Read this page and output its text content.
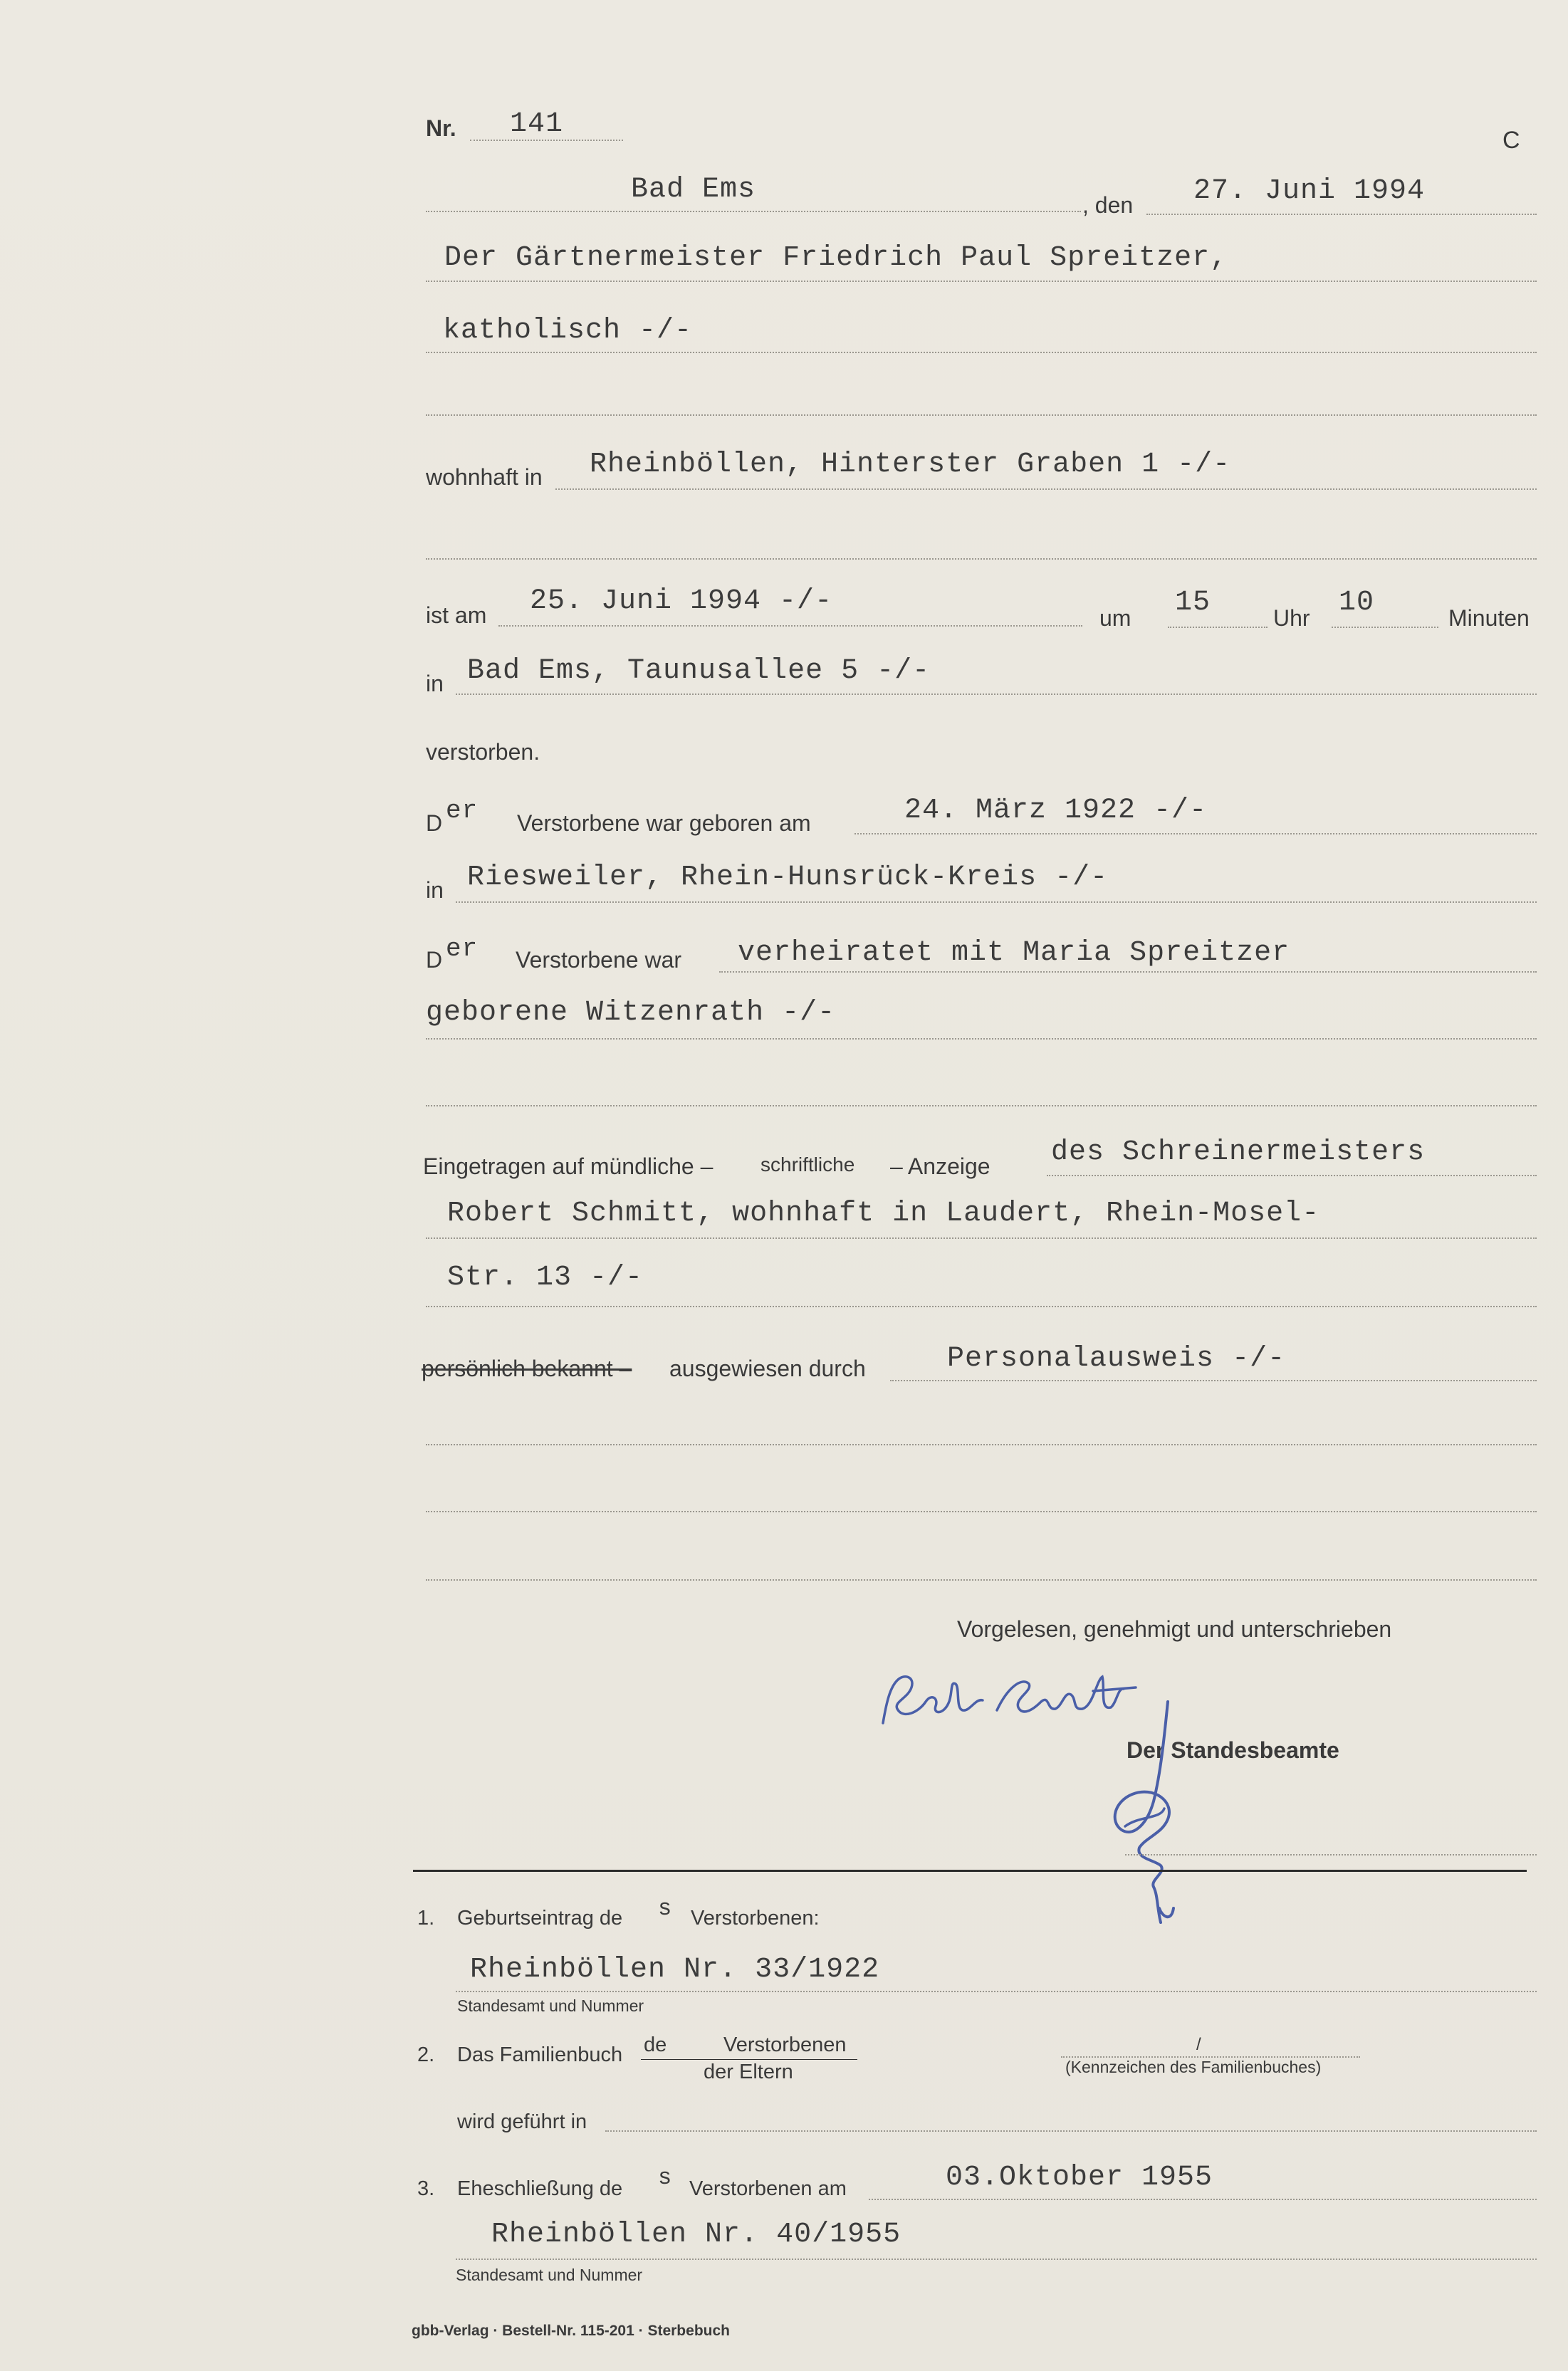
Nr. 141	C
Bad Ems	, den 27. Juni 1994
Der Gärtnermeister Friedrich Paul Spreitzer,
katholisch -/-
wohnhaft in Rheinböllen, Hinterster Graben 1 -/-
ist am 25. Juni 1994 -/-
um 15	Uhr 10	Minuten
in Bad Ems, Taunusallee 5 -/-
verstorben.
D er Verstorbene war geboren am	24. März 1922 -/-
in Riesweiler, Rhein-Hunsrück-Kreis -/-
D er Verstorbene war verheiratet mit Maria Spreitzer
geborene Witzenrath -/-
Eingetragen auf mündliche – schriftliche – Anzeige des Schreinermeisters
Robert Schmitt, wohnhaft in Laudert, Rhein-Mosel-
Str. 13 -/-
persönlich bekannt – ausgewiesen durch	Personalausweis -/-
Vorgelesen, genehmigt und unterschrieben
Der Standesbeamte
1. Geburtseintrag de s Verstorbenen:
Rheinböllen Nr. 33/1922
Standesamt und Nummer
2. Das Familienbuch de	Verstorbenen
der Eltern
/
(Kennzeichen des Familienbuches)
wird geführt in
3. Eheschließung de s Verstorbenen am	03.Oktober 1955
Rheinböllen Nr. 40/1955
Standesamt und Nummer
gbb-Verlag · Bestell-Nr. 115-201 · Sterbebuch
